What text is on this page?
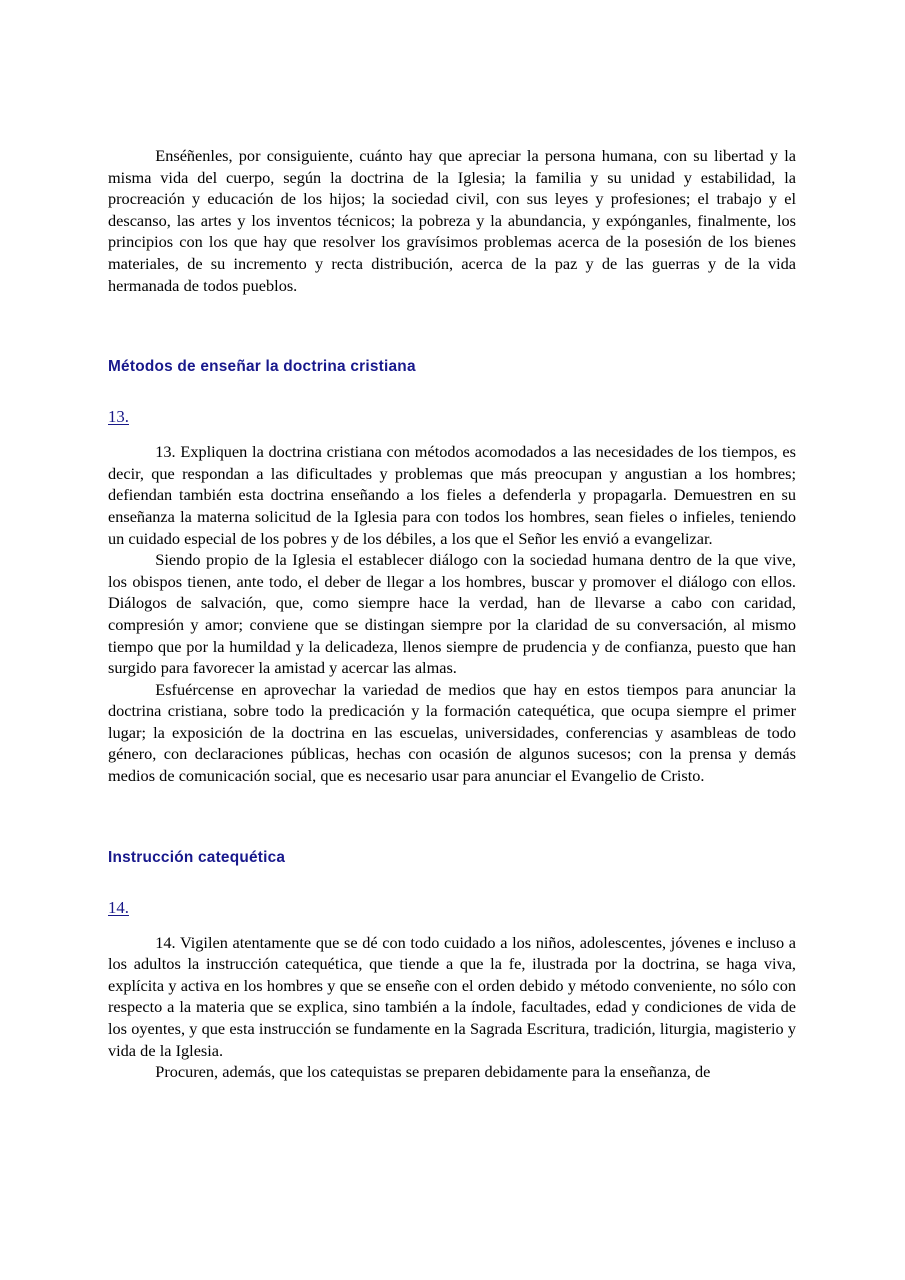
Enséñenles, por consiguiente, cuánto hay que apreciar la persona humana, con su libertad y la misma vida del cuerpo, según la doctrina de la Iglesia; la familia y su unidad y estabilidad, la procreación y educación de los hijos; la sociedad civil, con sus leyes y profesiones; el trabajo y el descanso, las artes y los inventos técnicos; la pobreza y la abundancia, y expónganles, finalmente, los principios con los que hay que resolver los gravísimos problemas acerca de la posesión de los bienes materiales, de su incremento y recta distribución, acerca de la paz y de las guerras y de la vida hermanada de todos pueblos.

Métodos de enseñar la doctrina cristiana

13.

13. Expliquen la doctrina cristiana con métodos acomodados a las necesidades de los tiempos, es decir, que respondan a las dificultades y problemas que más preocupan y angustian a los hombres; defiendan también esta doctrina enseñando a los fieles a defenderla y propagarla. Demuestren en su enseñanza la materna solicitud de la Iglesia para con todos los hombres, sean fieles o infieles, teniendo un cuidado especial de los pobres y de los débiles, a los que el Señor les envió a evangelizar.

Siendo propio de la Iglesia el establecer diálogo con la sociedad humana dentro de la que vive, los obispos tienen, ante todo, el deber de llegar a los hombres, buscar y promover el diálogo con ellos. Diálogos de salvación, que, como siempre hace la verdad, han de llevarse a cabo con caridad, compresión y amor; conviene que se distingan siempre por la claridad de su conversación, al mismo tiempo que por la humildad y la delicadeza, llenos siempre de prudencia y de confianza, puesto que han surgido para favorecer la amistad y acercar las almas.

Esfuércense en aprovechar la variedad de medios que hay en estos tiempos para anunciar la doctrina cristiana, sobre todo la predicación y la formación catequética, que ocupa siempre el primer lugar; la exposición de la doctrina en las escuelas, universidades, conferencias y asambleas de todo género, con declaraciones públicas, hechas con ocasión de algunos sucesos; con la prensa y demás medios de comunicación social, que es necesario usar para anunciar el Evangelio de Cristo.

Instrucción catequética

14.

14. Vigilen atentamente que se dé con todo cuidado a los niños, adolescentes, jóvenes e incluso a los adultos la instrucción catequética, que tiende a que la fe, ilustrada por la doctrina, se haga viva, explícita y activa en los hombres y que se enseñe con el orden debido y método conveniente, no sólo con respecto a la materia que se explica, sino también a la índole, facultades, edad y condiciones de vida de los oyentes, y que esta instrucción se fundamente en la Sagrada Escritura, tradición, liturgia, magisterio y vida de la Iglesia.

Procuren, además, que los catequistas se preparen debidamente para la enseñanza, de
